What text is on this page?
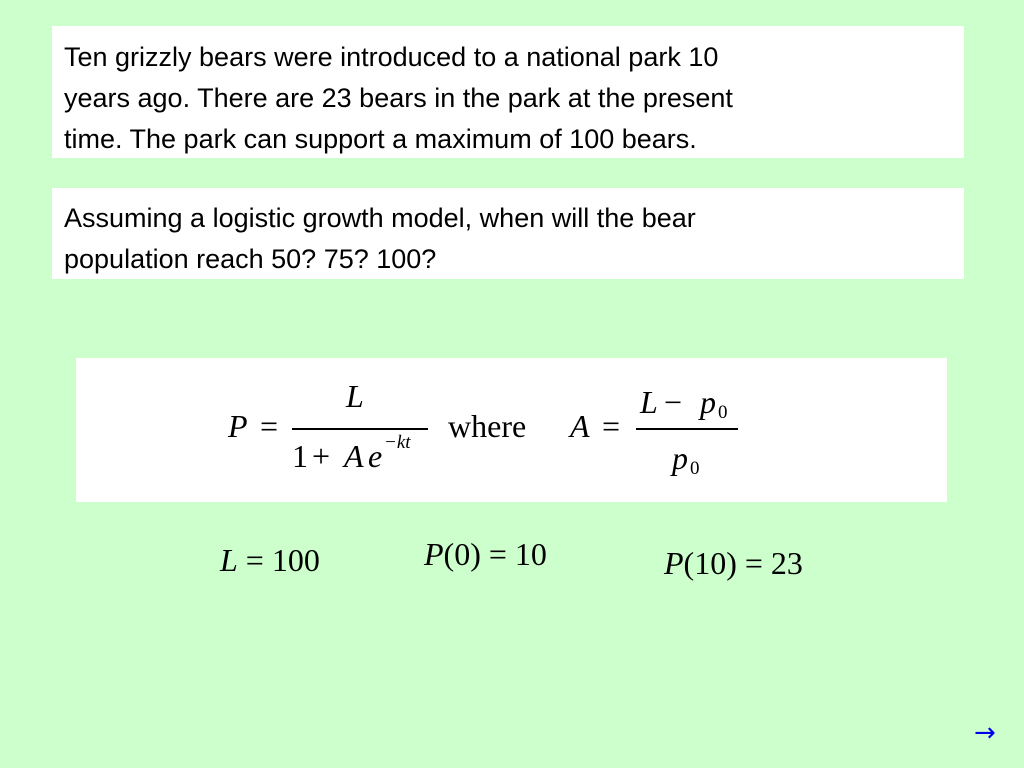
Ten grizzly bears were introduced to a national park 10
years ago. There are 23 bears in the park at the present
time. The park can support a maximum of 100 bears.
Assuming a logistic growth model, when will the bear
population reach 50? 75? 100?
P =
L
1 + A e −kt where A =
L − p 0
p 0
L = 100	P(0) = 10	P(10) = 23
→
